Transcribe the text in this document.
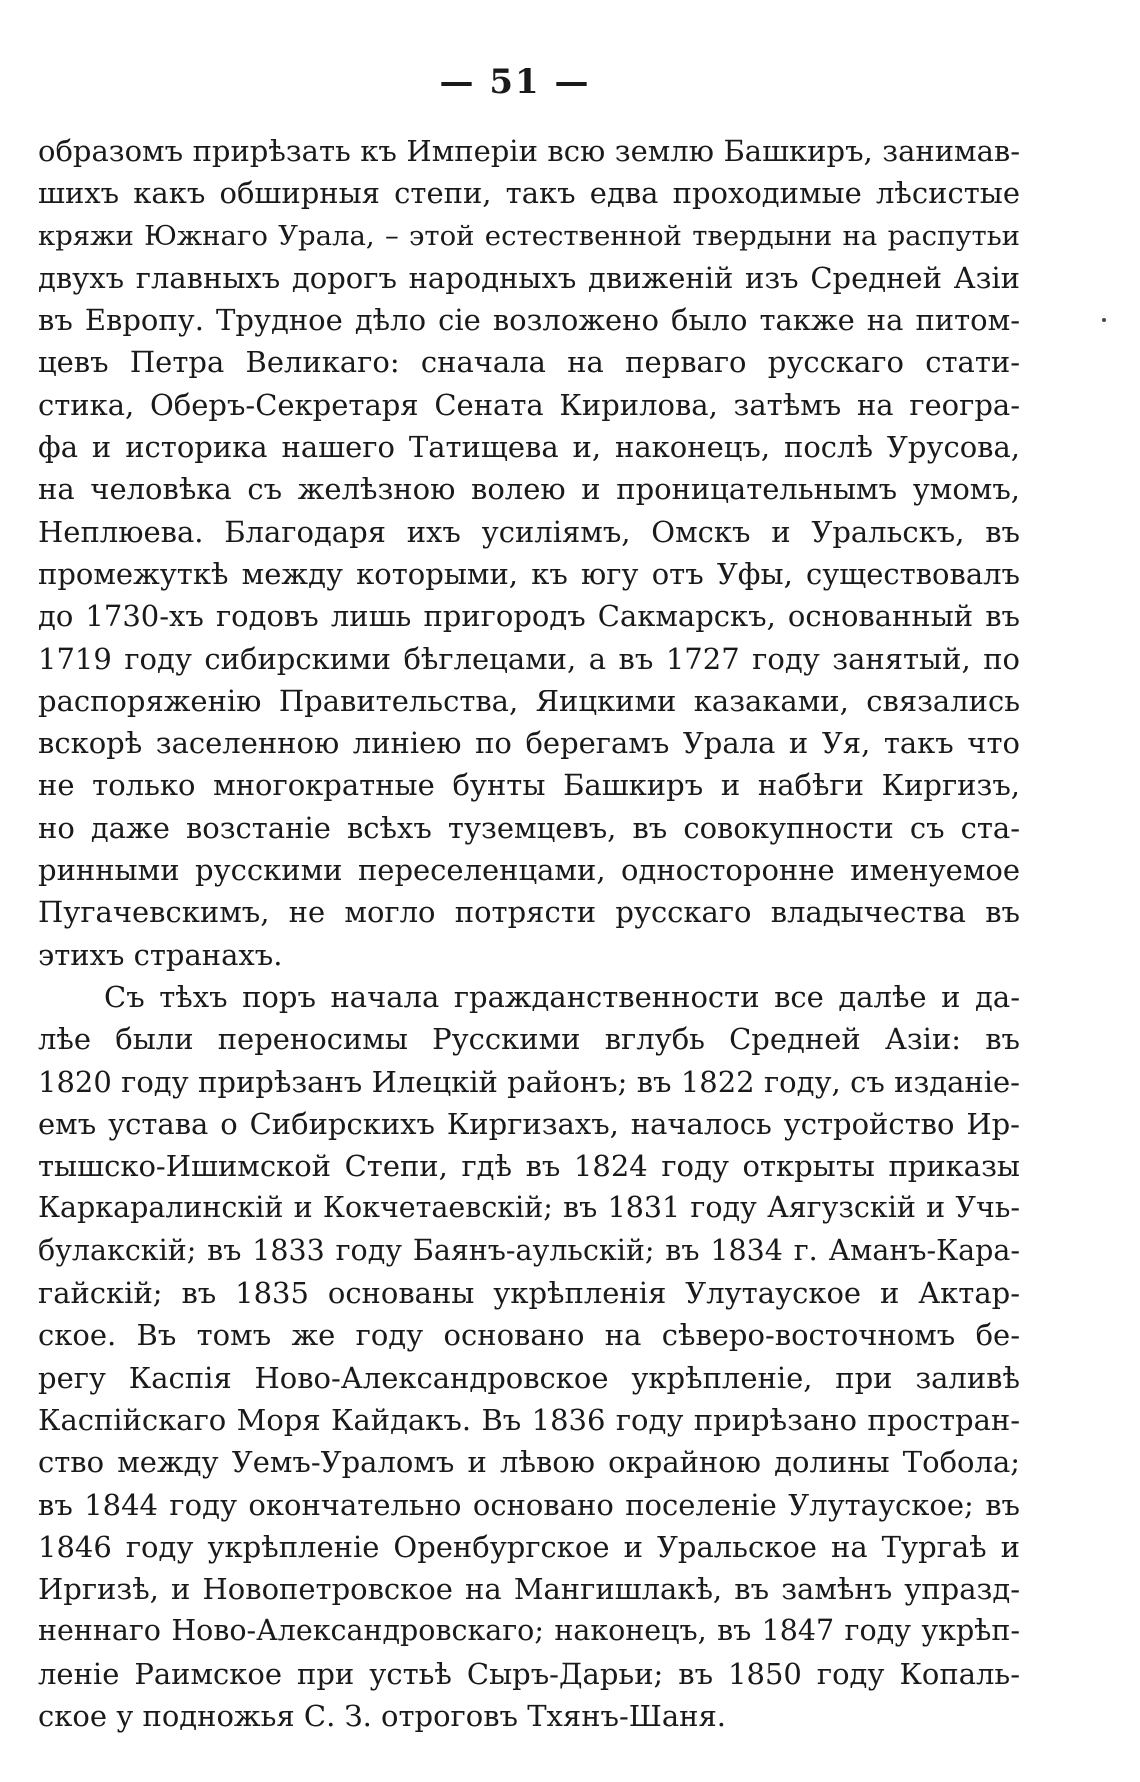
— 51 —
образомъ прирѣзать къ Имперіи всю землю Башкиръ, занимав-
шихъ какъ обширныя степи, такъ едва проходимые лѣсистые
кряжи Южнаго Урала, – этой естественной твердыни на распутьи
двухъ главныхъ дорогъ народныхъ движеній изъ Средней Азіи
въ Европу. Трудное дѣло сіе возложено было также на питом-
цевъ Петра Великаго: сначала на перваго русскаго стати-
стика, Оберъ-Секретаря Сената Кирилова, затѣмъ на геогра-
фа и историка нашего Татищева и, наконецъ, послѣ Урусова,
на человѣка съ желѣзною волею и проницательнымъ умомъ,
Неплюева. Благодаря ихъ усиліямъ, Омскъ и Уральскъ, въ
промежуткѣ между которыми, къ югу отъ Уфы, существовалъ
до 1730-хъ годовъ лишь пригородъ Сакмарскъ, основанный въ
1719 году сибирскими бѣглецами, а въ 1727 году занятый, по
распоряженію Правительства, Яицкими казаками, связались
вскорѣ заселенною линіею по берегамъ Урала и Уя, такъ что
не только многократные бунты Башкиръ и набѣги Киргизъ,
но даже возстаніе всѣхъ туземцевъ, въ совокупности съ ста-
ринными русскими переселенцами, одностороннe именуемое
Пугачевскимъ, не могло потрясти русскаго владычества въ
этихъ странахъ.
Съ тѣхъ поръ начала гражданственности все далѣе и да-
лѣе были переносимы Русскими вглубь Средней Азіи: въ
1820 году прирѣзанъ Илецкій районъ; въ 1822 году, съ изданіе-
емъ устава о Сибирскихъ Киргизахъ, началось устройство Ир-
тышско-Ишимской Степи, гдѣ въ 1824 году открыты приказы
Каркаралинскій и Кокчетаевскій; въ 1831 году Аягузскій и Учь-
булакскій; въ 1833 году Баянъ-аульскій; въ 1834 г. Аманъ-Кара-
гайскій; въ 1835 основаны укрѣпленія Улутауское и Актар-
ское. Въ томъ же году основано на сѣверо-восточномъ бе-
регу Каспія Ново-Александровское укрѣпленіе, при заливѣ
Каспійскаго Моря Кайдакъ. Въ 1836 году прирѣзано простран-
ство между Уемъ-Ураломъ и лѣвою окрайною долины Тобола;
въ 1844 году окончательно основано поселеніе Улутауское; въ
1846 году укрѣпленіе Оренбургское и Уральское на Тургаѣ и
Иргизѣ, и Новопетровское на Мангишлакѣ, въ замѣнъ упразд-
неннаго Ново-Александровскаго; наконецъ, въ 1847 году укрѣп-
леніе Раимское при устьѣ Сыръ-Дарьи; въ 1850 году Копаль-
ское у подножья С. З. отроговъ Тхянъ-Шаня.
